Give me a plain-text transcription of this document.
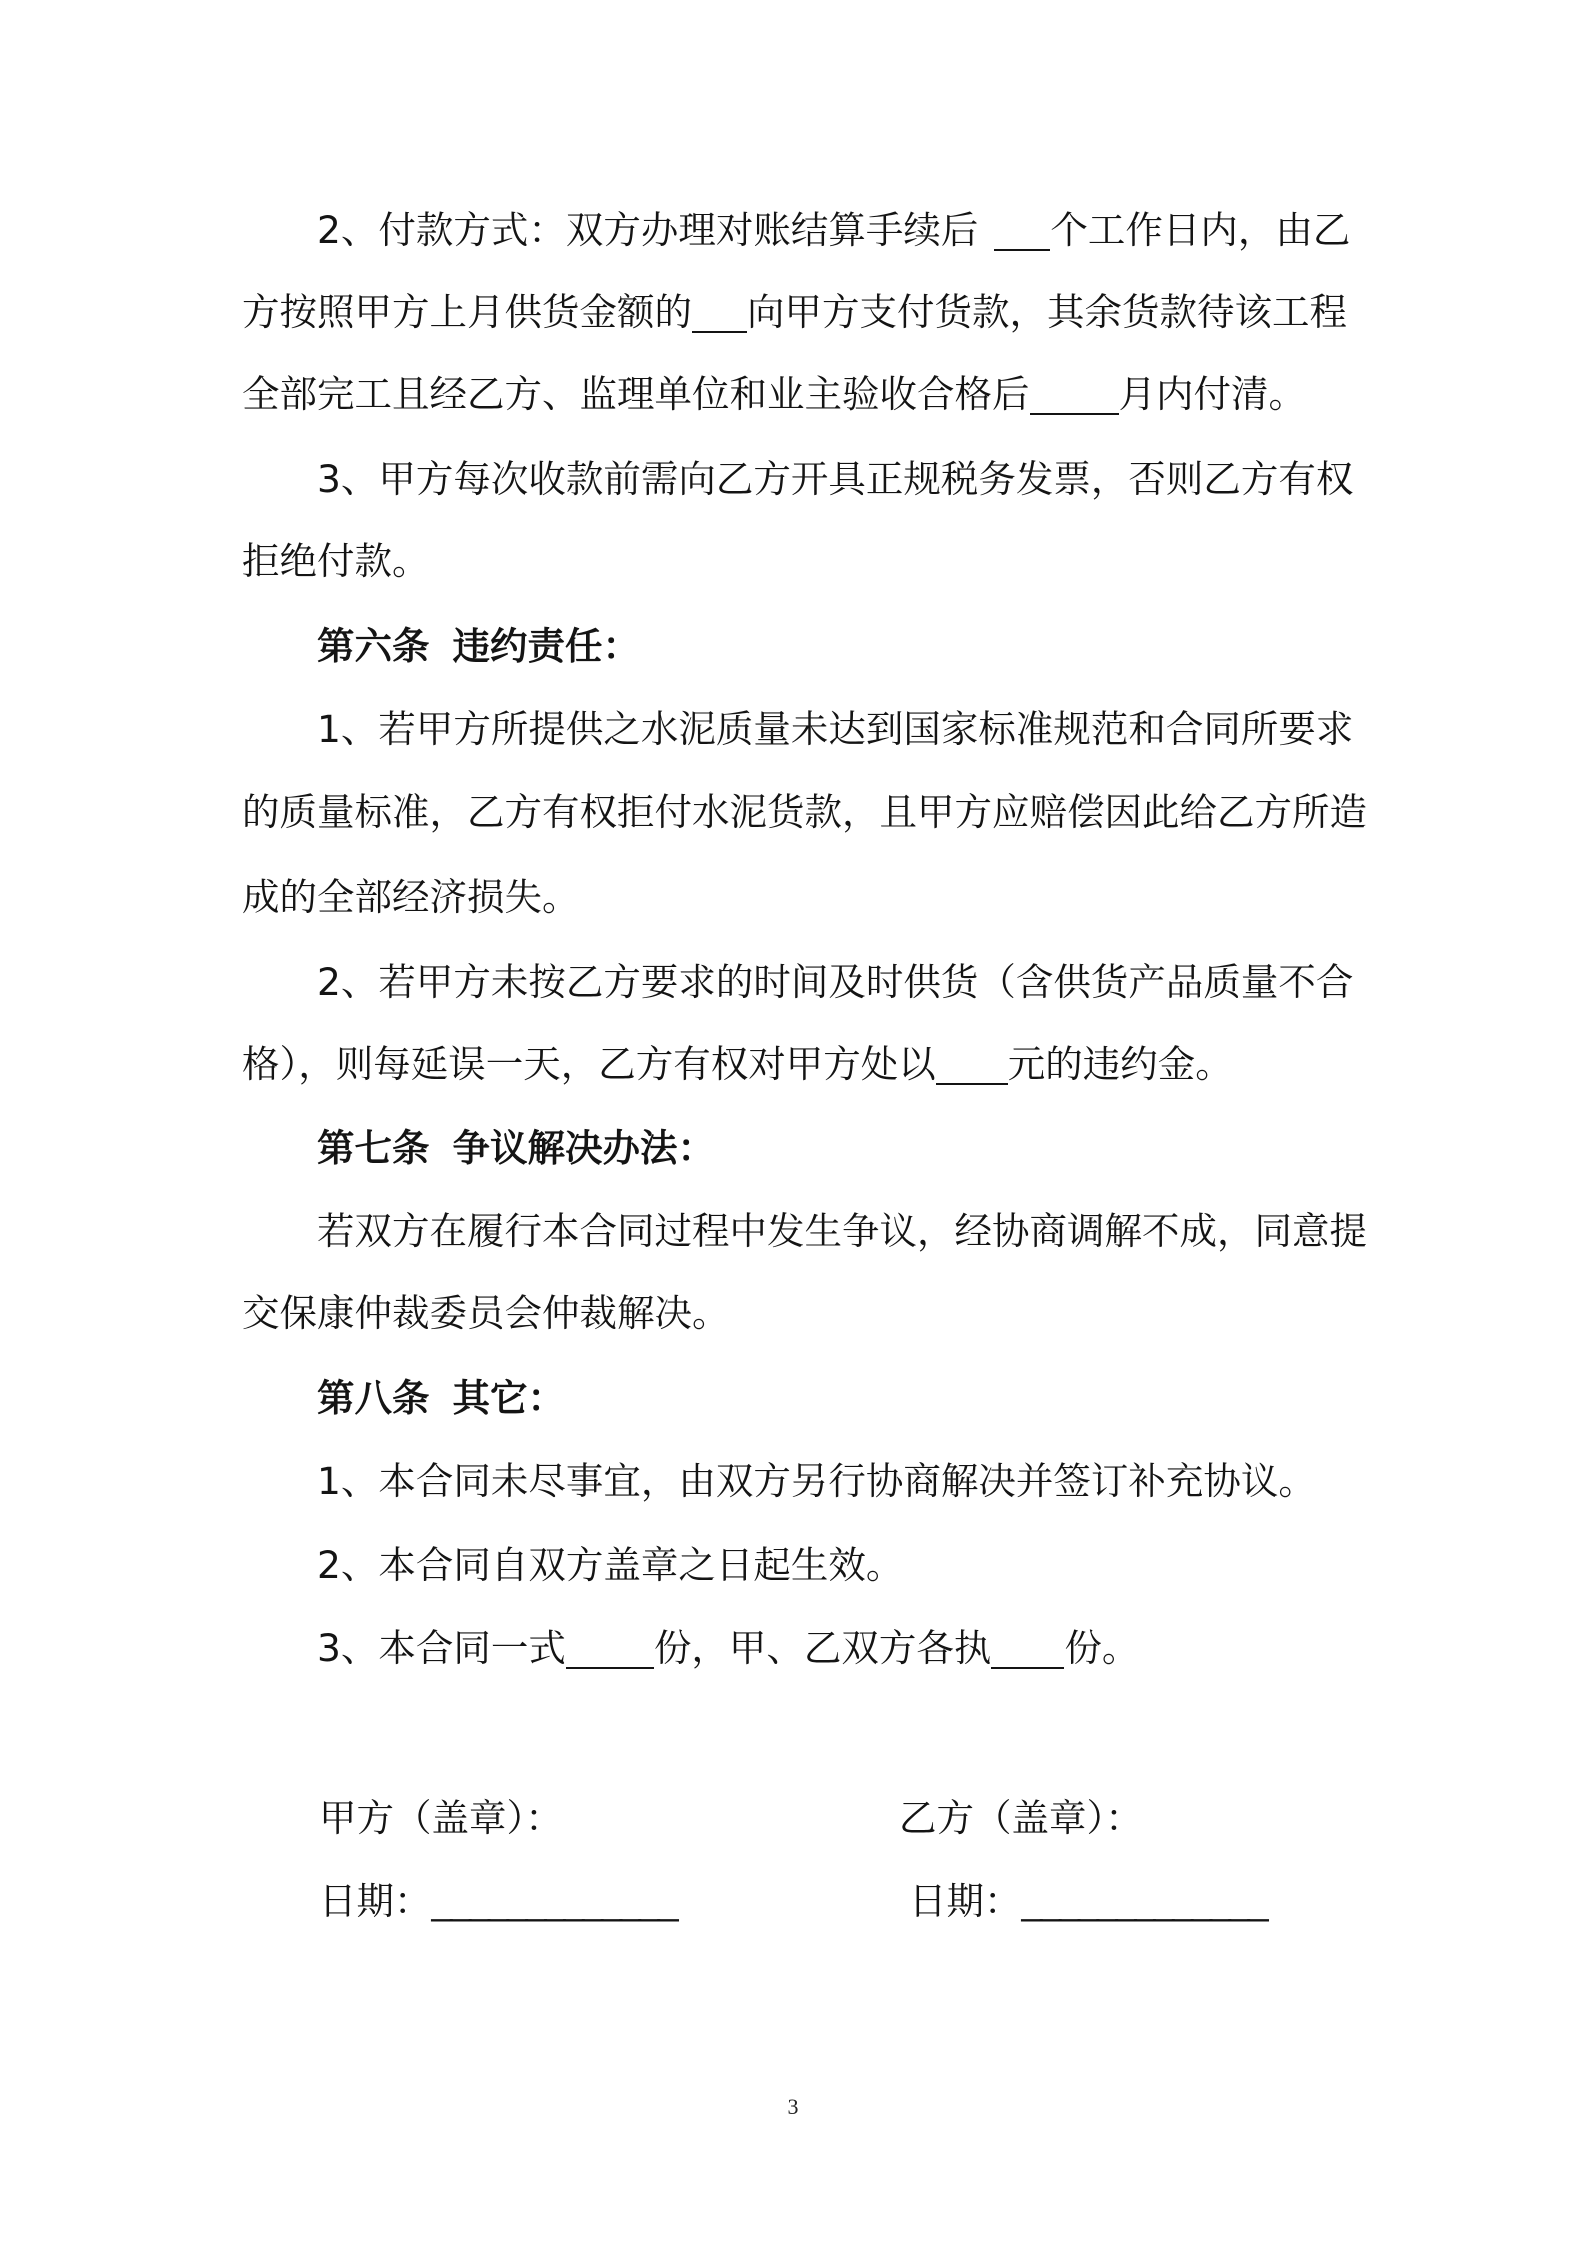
2、付款方式：双方办理对账结算手续后 个工作日内，由乙
方按照甲方上月供货金额的 向甲方支付货款，其余货款待该工程
全部完工且经乙方、监理单位和业主验收合格后 月内付清。
3、甲方每次收款前需向乙方开具正规税务发票，否则乙方有权
拒绝付款。
第六条 违约责任：
1、若甲方所提供之水泥质量未达到国家标准规范和合同所要求
的质量标准，乙方有权拒付水泥货款，且甲方应赔偿因此给乙方所造
成的全部经济损失。
2、若甲方未按乙方要求的时间及时供货（含供货产品质量不合
格），则每延误一天，乙方有权对甲方处以 元的违约金。
第七条 争议解决办法：
若双方在履行本合同过程中发生争议，经协商调解不成，同意提
交保康仲裁委员会仲裁解决。
第八条 其它：
1、本合同未尽事宜，由双方另行协商解决并签订补充协议。
2、本合同自双方盖章之日起生效。
3、本合同一式 份，甲、乙双方各执 份。
甲方（盖章）：	乙方（盖章）：
日期：_____________	日期：_____________
3
